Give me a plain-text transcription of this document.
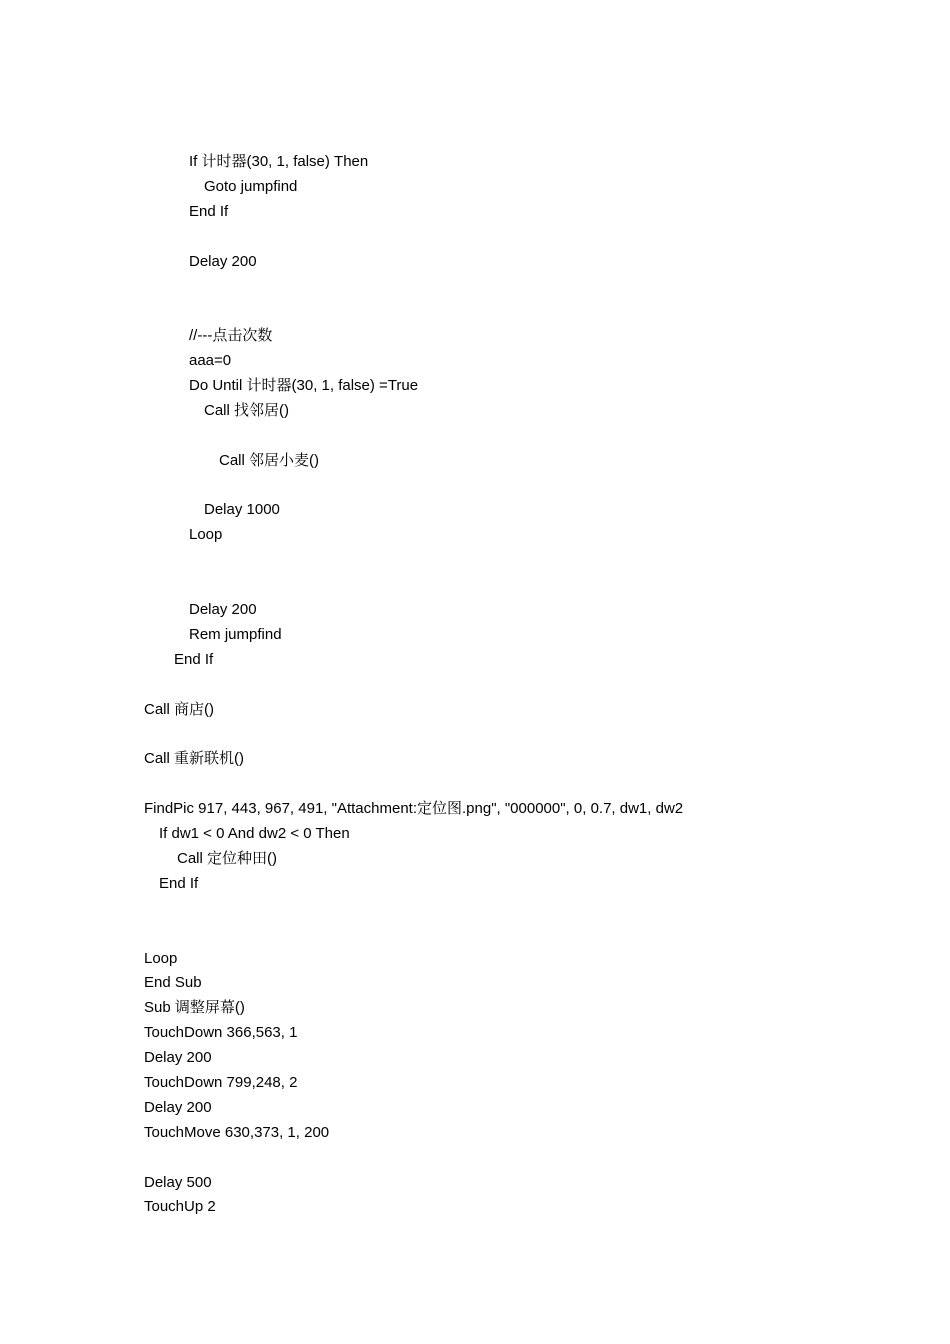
If 计时器(30, 1, false) Then
Goto jumpfind
End If
Delay 200
//---点击次数
aaa=0
Do Until 计时器(30, 1, false) =True
Call 找邻居()
Call 邻居小麦()
Delay 1000
Loop
Delay 200
Rem jumpfind
End If
Call 商店()
Call 重新联机()
FindPic 917, 443, 967, 491, "Attachment:定位图.png", "000000", 0, 0.7, dw1, dw2
If dw1 < 0 And dw2 < 0 Then
Call 定位种田()
End If
Loop
End Sub
Sub 调整屏幕()
TouchDown 366,563, 1
Delay 200
TouchDown 799,248, 2
Delay 200
TouchMove 630,373, 1, 200
Delay 500
TouchUp 2
